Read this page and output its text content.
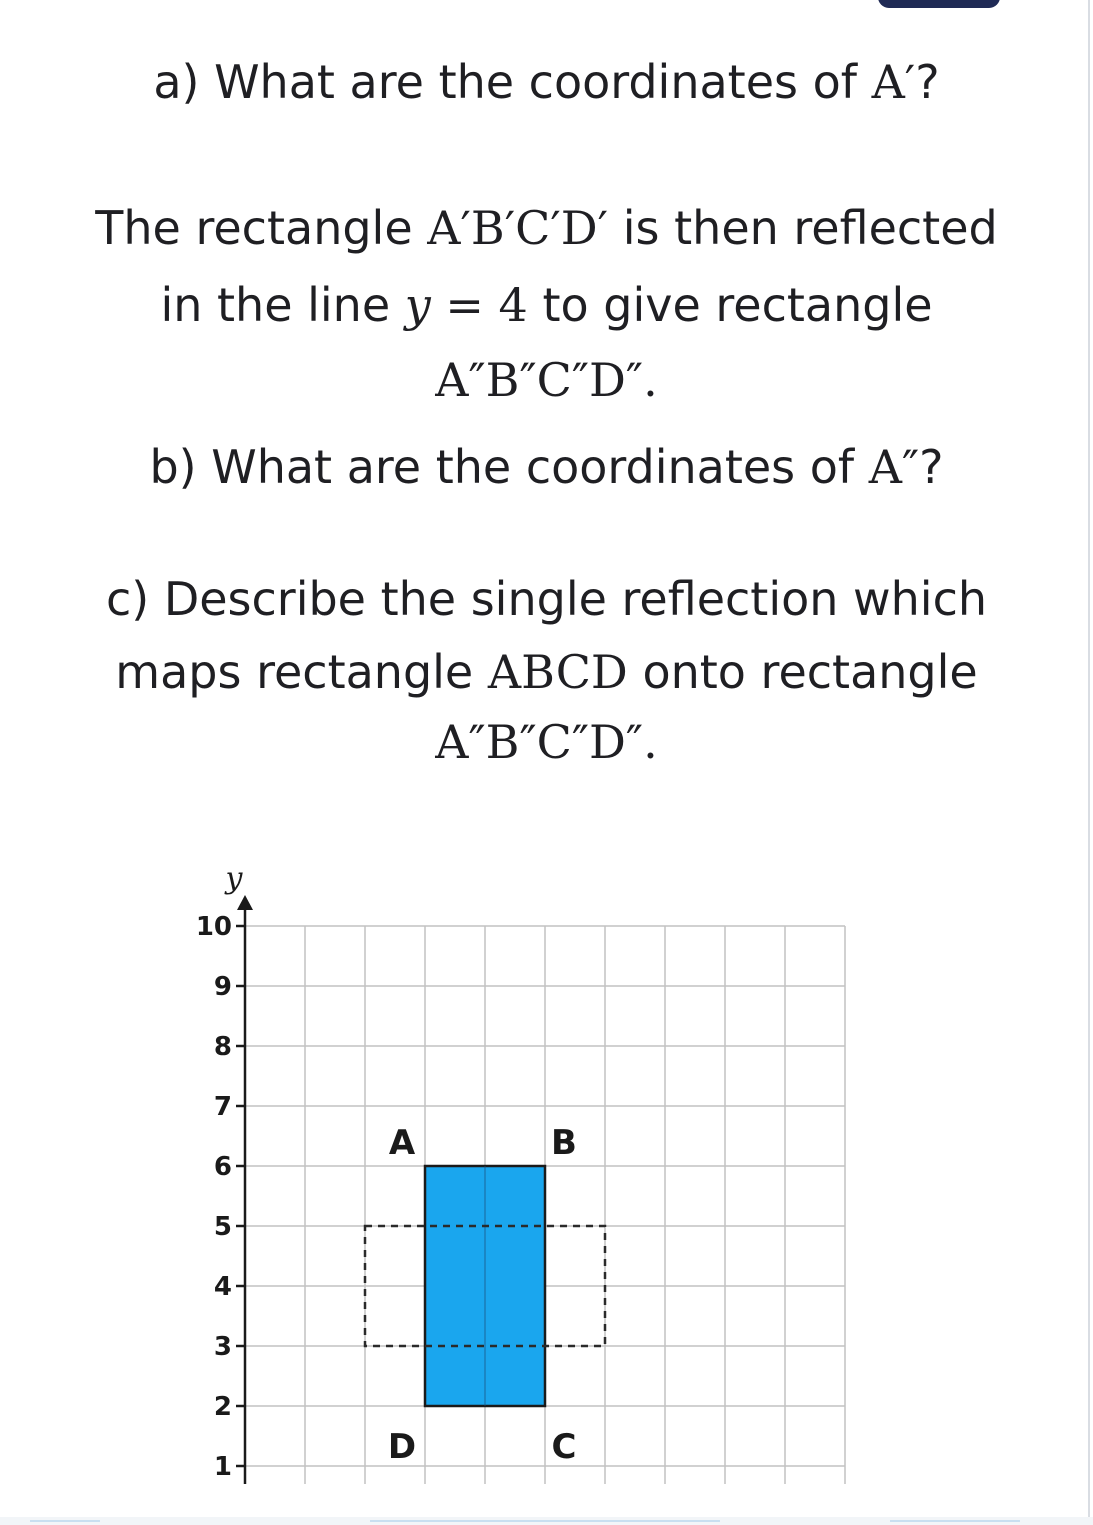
a) What are the coordinates of A′?
The rectangle A′B′C′D′ is then reflected
in the line y = 4 to give rectangle
A″B″C″D″.
b) What are the coordinates of A″?
c) Describe the single reflection which
maps rectangle ABCD onto rectangle
A″B″C″D″.
y
1
2
3
4
5
6
7
8
9
10
A	B
C
D
